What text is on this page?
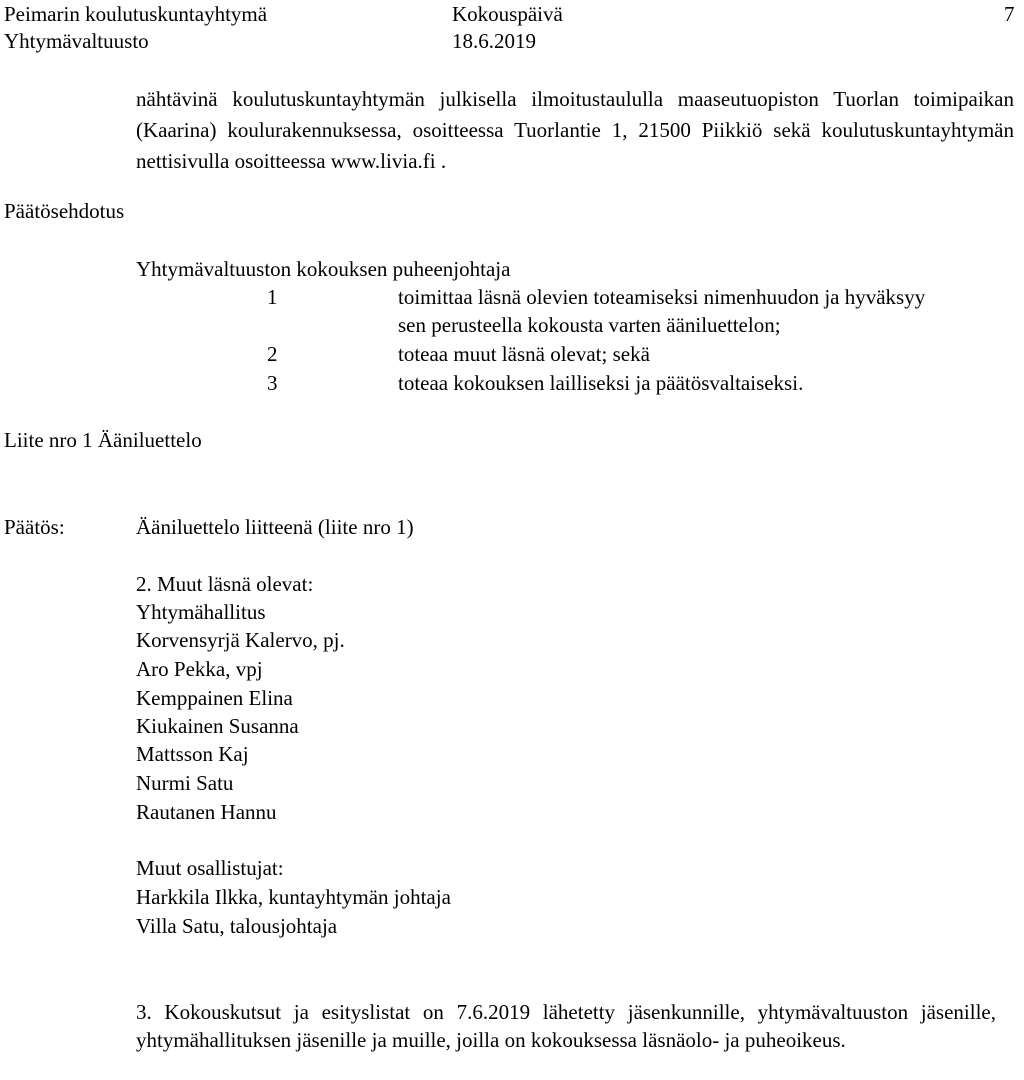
Peimarin koulutuskuntayhtymä
Yhtymävaltuusto
Kokouspäivä
18.6.2019
7
nähtävinä koulutuskuntayhtymän julkisella ilmoitustaululla maaseutuopiston Tuorlan toimipaikan (Kaarina) koulurakennuksessa, osoitteessa Tuorlantie 1, 21500 Piikkiö sekä koulutuskuntayhtymän nettisivulla osoitteessa www.livia.fi .
Päätösehdotus
Yhtymävaltuuston kokouksen puheenjohtaja
1	toimittaa läsnä olevien toteamiseksi nimenhuudon ja hyväksyy
sen perusteella kokousta varten ääniluettelon;
2	toteaa muut läsnä olevat; sekä
3	toteaa kokouksen lailliseksi ja päätösvaltaiseksi.
Liite nro 1 Ääniluettelo
Päätös:	Ääniluettelo liitteenä (liite nro 1)
2. Muut läsnä olevat:
Yhtymähallitus
Korvensyrjä Kalervo, pj.
Aro Pekka, vpj
Kemppainen Elina
Kiukainen Susanna
Mattsson Kaj
Nurmi Satu
Rautanen Hannu
Muut osallistujat:
Harkkila Ilkka, kuntayhtymän johtaja
Villa Satu, talousjohtaja
3. Kokouskutsut ja esityslistat on 7.6.2019 lähetetty jäsenkunnille, yhtymävaltuuston jäsenille, yhtymähallituksen jäsenille ja muille, joilla on kokouksessa läsnäolo- ja puheoikeus.
